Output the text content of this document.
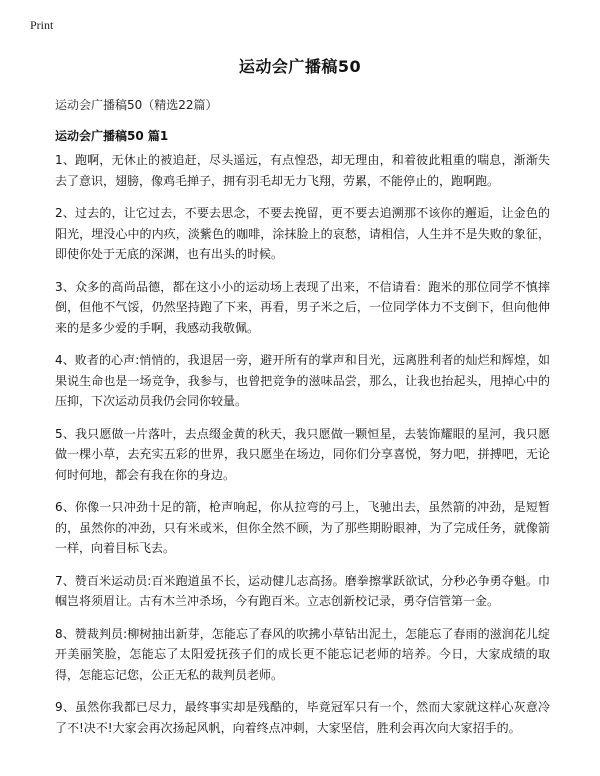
Print

运动会广播稿50

运动会广播稿50（精选22篇）

运动会广播稿50 篇1

1、跑啊，无休止的被追赶，尽头遥远，有点惶恐，却无理由，和着彼此粗重的喘息，渐渐失去了意识，翅膀，像鸡毛掸子，拥有羽毛却无力飞翔，劳累，不能停止的，跑啊跑。

2、过去的，让它过去，不要去思念，不要去挽留，更不要去追溯那不该你的邂逅，让金色的阳光，埋没心中的内疚，淡紫色的咖啡，涂抹脸上的哀愁，请相信，人生并不是失败的象征，即使你处于无底的深渊，也有出头的时候。

3、众多的高尚品德，都在这小小的运动场上表现了出来，不信请看：跑米的那位同学不慎摔倒，但他不气馁，仍然坚持跑了下来，再看，男子米之后，一位同学体力不支倒下，但向他伸来的是多少爱的手啊，我感动我敬佩。

4、败者的心声:悄悄的，我退居一旁，避开所有的掌声和目光，远离胜利者的灿烂和辉煌，如果说生命也是一场竞争，我参与，也曾把竞争的滋味品尝，那么，让我也抬起头，甩掉心中的压抑，下次运动员我仍会同你较量。

5、我只愿做一片落叶，去点缀金黄的秋天，我只愿做一颗恒星，去装饰耀眼的星河，我只愿做一棵小草，去充实五彩的世界，我只愿坐在场边，同你们分享喜悦，努力吧，拼搏吧，无论何时何地，都会有我在你的身边。

6、你像一只冲劲十足的箭，枪声响起，你从拉弯的弓上，飞驰出去，虽然箭的冲劲，是短暂的，虽然你的冲劲，只有米或米，但你全然不顾，为了那些期盼眼神，为了完成任务，就像箭一样，向着目标飞去。

7、赞百米运动员:百米跑道虽不长，运动健儿志高扬。磨拳擦掌跃欲试，分秒必争勇夺魁。巾帼岂将须眉让。古有木兰冲杀场，今有跑百米。立志创新校记录，勇夺信管第一金。

8、赞裁判员:柳树抽出新芽，怎能忘了春风的吹拂小草钻出泥土，怎能忘了春雨的滋润花儿绽开美丽笑脸，怎能忘了太阳爱抚孩子们的成长更不能忘记老师的培养。今日，大家成绩的取得，怎能忘记您，公正无私的裁判员老师。

9、虽然你我都已尽力，最终事实却是残酷的，毕竟冠军只有一个，然而大家就这样心灰意冷了不!决不!大家会再次扬起风帆，向着终点冲刺，大家坚信，胜利会再次向大家招手的。
